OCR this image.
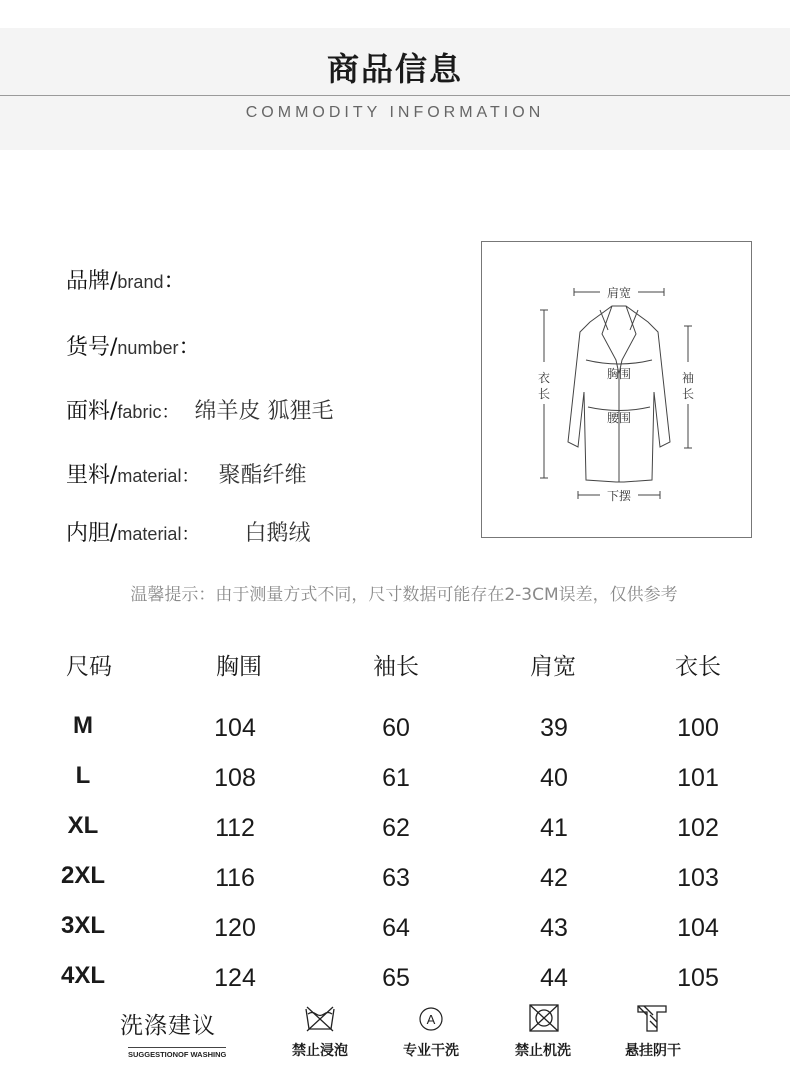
商品信息
COMMODITY INFORMATION
品牌/brand：
货号/number：
面料/fabric： 绵羊皮 狐狸毛
里料/material： 聚酯纤维
内胆/material： 白鹅绒
肩宽
胸围
腰围
衣
长
袖
长
下摆
温馨提示：由于测量方式不同，尺寸数据可能存在2-3CM误差，仅供参考
尺码	胸围	袖长	肩宽	衣长
M	104	60	39	100
L	108	61	40	101
XL	112	62	41	102
2XL	116	63	42	103
3XL	120	64	43	104
4XL	124	65	44	105
洗涤建议
SUGGESTIONOF WASHING
A
禁止浸泡	专业干洗	禁止机洗	悬挂阴干
